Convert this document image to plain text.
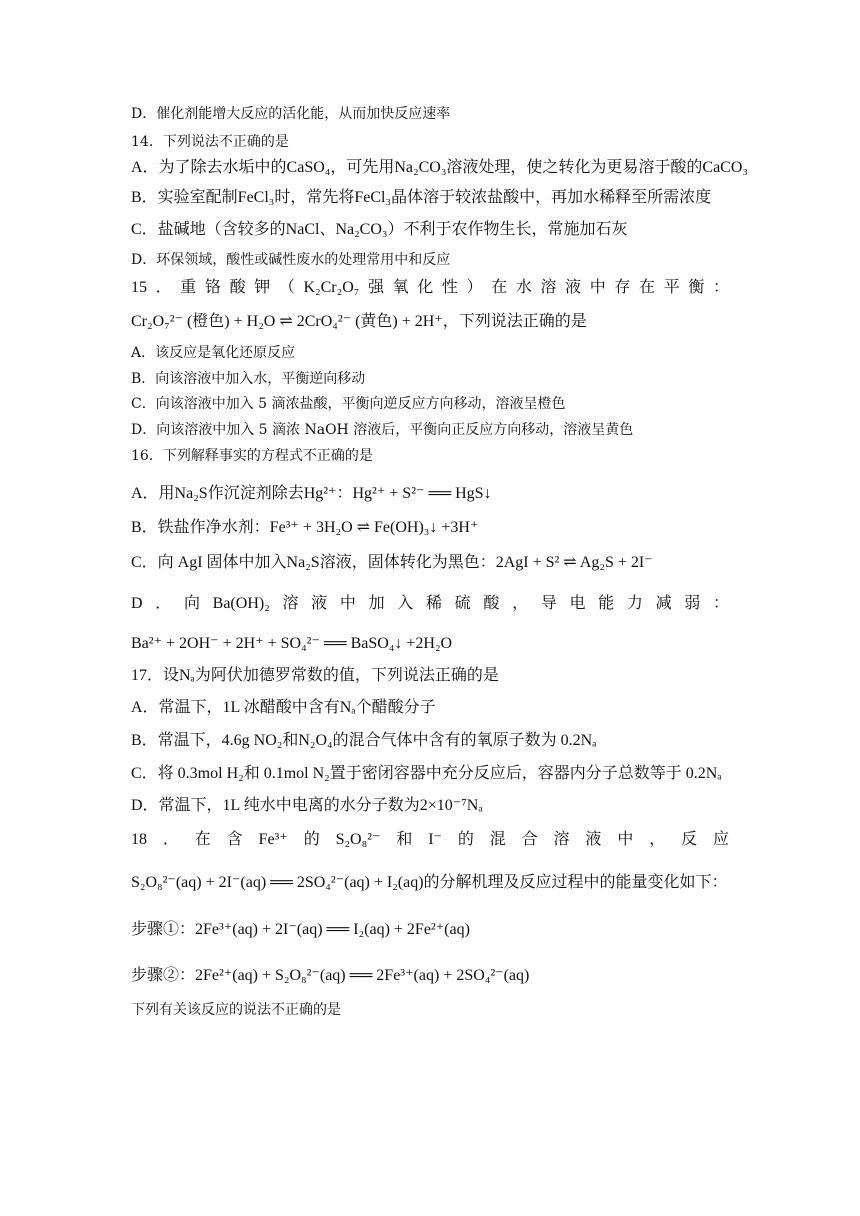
D．催化剂能增大反应的活化能，从而加快反应速率
14．下列说法不正确的是
A．为了除去水垢中的CaSO₄，可先用Na₂CO₃溶液处理，使之转化为更易溶于酸的CaCO₃
B．实验室配制FeCl₃时，常先将FeCl₃晶体溶于较浓盐酸中，再加水稀释至所需浓度
C．盐碱地（含较多的NaCl、Na₂CO₃）不利于农作物生长，常施加石灰
D．环保领域，酸性或碱性废水的处理常用中和反应
15．重铬酸钾（K₂Cr₂O₇强氧化性）在水溶液中存在平衡：
Cr₂O₇²⁻ (橙色) + H₂O ⇌ 2CrO₄²⁻ (黄色) + 2H⁺，下列说法正确的是
A．该反应是氧化还原反应
B．向该溶液中加入水，平衡逆向移动
C．向该溶液中加入 5 滴浓盐酸，平衡向逆反应方向移动，溶液呈橙色
D．向该溶液中加入 5 滴浓 NaOH 溶液后，平衡向正反应方向移动，溶液呈黄色
16．下列解释事实的方程式不正确的是
A．用Na₂S作沉淀剂除去Hg²⁺：Hg²⁺ + S²⁻ ══ HgS↓
B．铁盐作净水剂：Fe³⁺ + 3H₂O ⇌ Fe(OH)₃↓ +3H⁺
C．向 AgI 固体中加入Na₂S溶液，固体转化为黑色：2AgI + S² ⇌ Ag₂S + 2I⁻
D．向Ba(OH)₂溶液中加入稀硫酸，导电能力减弱：
Ba²⁺ + 2OH⁻ + 2H⁺ + SO₄²⁻ ══ BaSO₄↓ +2H₂O
17．设Nₐ为阿伏加德罗常数的值，下列说法正确的是
A．常温下，1L 冰醋酸中含有Nₐ个醋酸分子
B．常温下，4.6g NO₂和N₂O₄的混合气体中含有的氧原子数为 0.2Nₐ
C．将 0.3mol H₂和 0.1mol N₂置于密闭容器中充分反应后，容器内分子总数等于 0.2Nₐ
D．常温下，1L 纯水中电离的水分子数为2×10⁻⁷Nₐ
18．在含Fe³⁺的S₂O₈²⁻和I⁻的混合溶液中，反应
S₂O₈²⁻(aq) + 2I⁻(aq) ══ 2SO₄²⁻(aq) + I₂(aq)的分解机理及反应过程中的能量变化如下：
步骤①：2Fe³⁺(aq) + 2I⁻(aq) ══ I₂(aq) + 2Fe²⁺(aq)
步骤②：2Fe²⁺(aq) + S₂O₈²⁻(aq) ══ 2Fe³⁺(aq) + 2SO₄²⁻(aq)
下列有关该反应的说法不正确的是
